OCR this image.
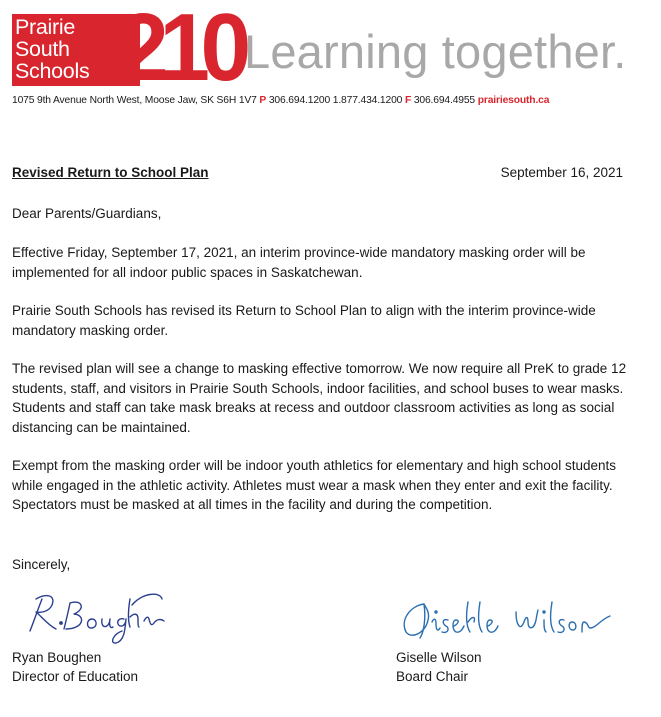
Prairie
South
Schools 210 Learning together.
1075 9th Avenue North West, Moose Jaw, SK S6H 1V7 P 306.694.1200 1.877.434.1200 F 306.694.4955 prairiesouth.ca
Revised Return to School Plan	September 16, 2021

Dear Parents/Guardians,

Effective Friday, September 17, 2021, an interim province-wide mandatory masking order will be implemented for all indoor public spaces in Saskatchewan.

Prairie South Schools has revised its Return to School Plan to align with the interim province-wide mandatory masking order.

The revised plan will see a change to masking effective tomorrow. We now require all PreK to grade 12 students, staff, and visitors in Prairie South Schools, indoor facilities, and school buses to wear masks. Students and staff can take mask breaks at recess and outdoor classroom activities as long as social distancing can be maintained.

Exempt from the masking order will be indoor youth athletics for elementary and high school students while engaged in the athletic activity. Athletes must wear a mask when they enter and exit the facility. Spectators must be masked at all times in the facility and during the competition.

Sincerely,

Ryan Boughen
Director of Education
Giselle Wilson
Board Chair
